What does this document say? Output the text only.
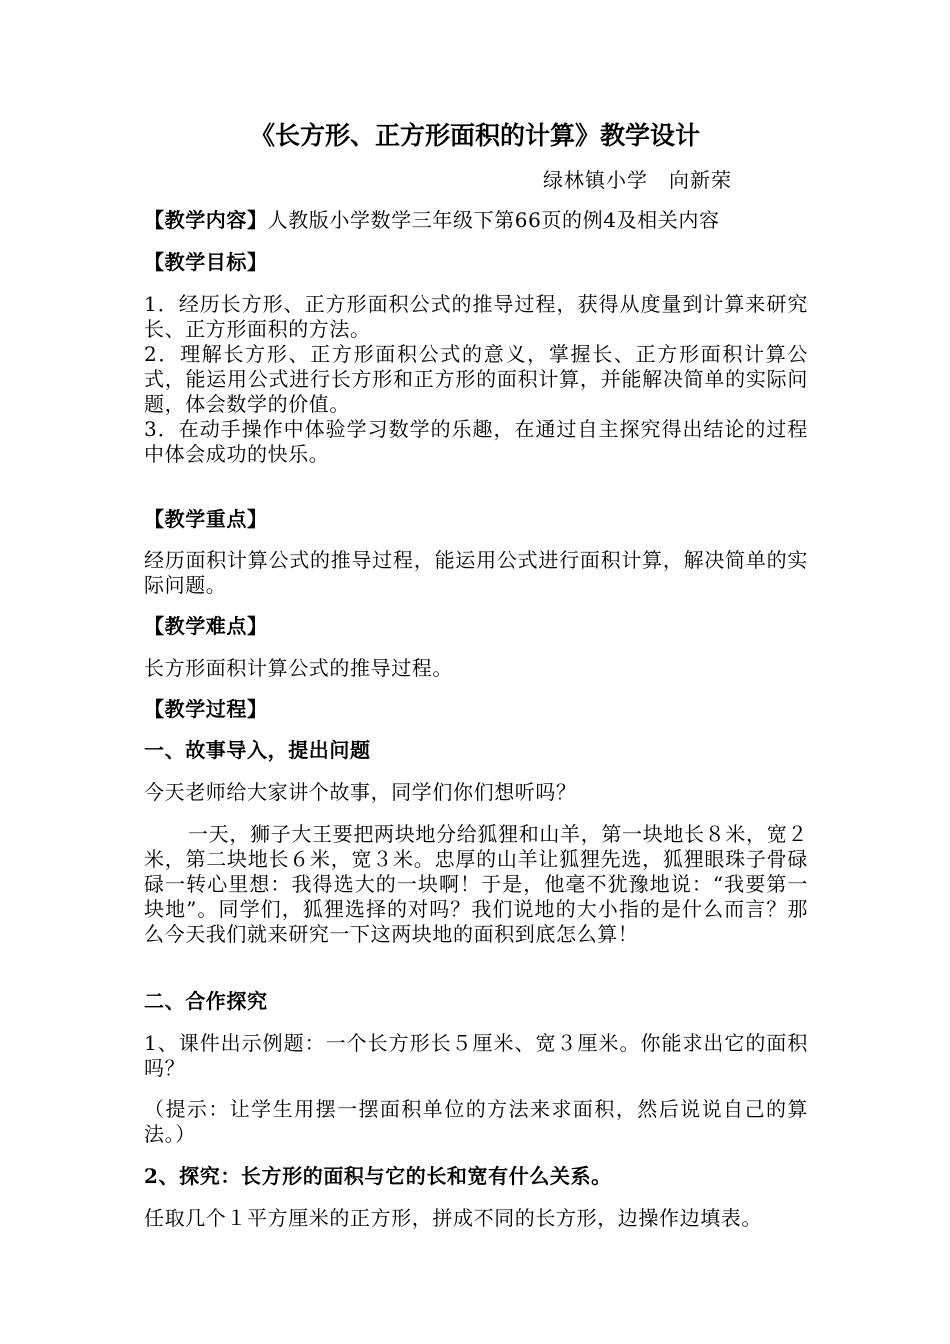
《长方形、正方形面积的计算》教学设计
绿林镇小学　向新荣
【教学内容】人教版小学数学三年级下第66页的例4及相关内容
【教学目标】
1．经历长方形、正方形面积公式的推导过程，获得从度量到计算来研究长、正方形面积的方法。
2．理解长方形、正方形面积公式的意义，掌握长、正方形面积计算公式，能运用公式进行长方形和正方形的面积计算，并能解决简单的实际问题，体会数学的价值。
3．在动手操作中体验学习数学的乐趣，在通过自主探究得出结论的过程中体会成功的快乐。
【教学重点】
经历面积计算公式的推导过程，能运用公式进行面积计算，解决简单的实际问题。
【教学难点】
长方形面积计算公式的推导过程。
【教学过程】
一、故事导入，提出问题
今天老师给大家讲个故事，同学们你们想听吗？
一天，狮子大王要把两块地分给狐狸和山羊，第一块地长８米，宽２米，第二块地长６米，宽３米。忠厚的山羊让狐狸先选，狐狸眼珠子骨碌碌一转心里想：我得选大的一块啊！于是，他毫不犹豫地说：“我要第一块地”。同学们，狐狸选择的对吗？我们说地的大小指的是什么而言？那么今天我们就来研究一下这两块地的面积到底怎么算！
二、合作探究
1、课件出示例题：一个长方形长５厘米、宽３厘米。你能求出它的面积吗？
（提示：让学生用摆一摆面积单位的方法来求面积，然后说说自己的算法。）
2、探究：长方形的面积与它的长和宽有什么关系。
任取几个１平方厘米的正方形，拼成不同的长方形，边操作边填表。
